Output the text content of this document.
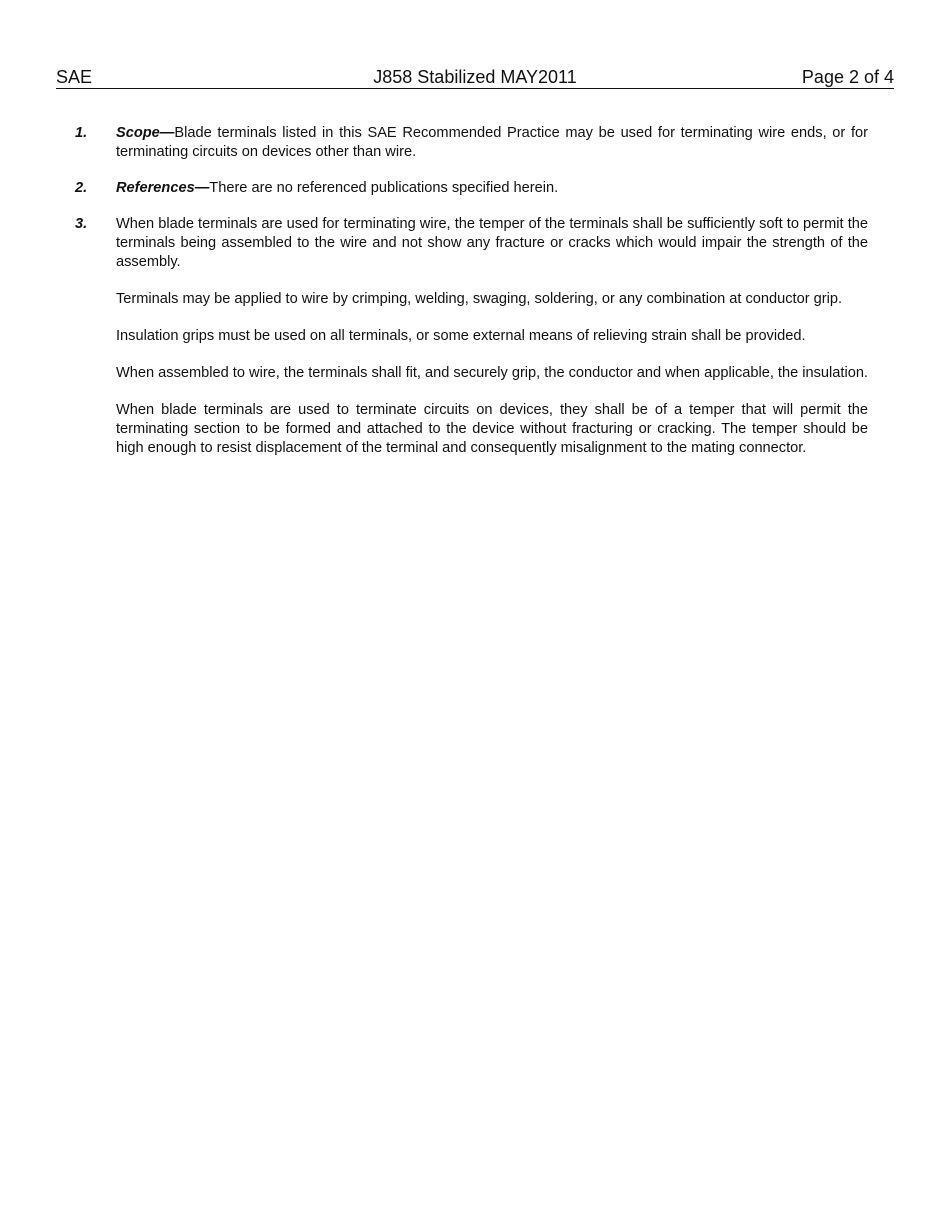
SAE	J858 Stabilized MAY2011	Page 2 of 4
1.	Scope—Blade terminals listed in this SAE Recommended Practice may be used for terminating wire ends, or for terminating circuits on devices other than wire.

2.	References—There are no referenced publications specified herein.

3.	When blade terminals are used for terminating wire, the temper of the terminals shall be sufficiently soft to permit the terminals being assembled to the wire and not show any fracture or cracks which would impair the strength of the assembly.

Terminals may be applied to wire by crimping, welding, swaging, soldering, or any combination at conductor grip.

Insulation grips must be used on all terminals, or some external means of relieving strain shall be provided.

When assembled to wire, the terminals shall fit, and securely grip, the conductor and when applicable, the insulation.

When blade terminals are used to terminate circuits on devices, they shall be of a temper that will permit the terminating section to be formed and attached to the device without fracturing or cracking. The temper should be high enough to resist displacement of the terminal and consequently misalignment to the mating connector.
